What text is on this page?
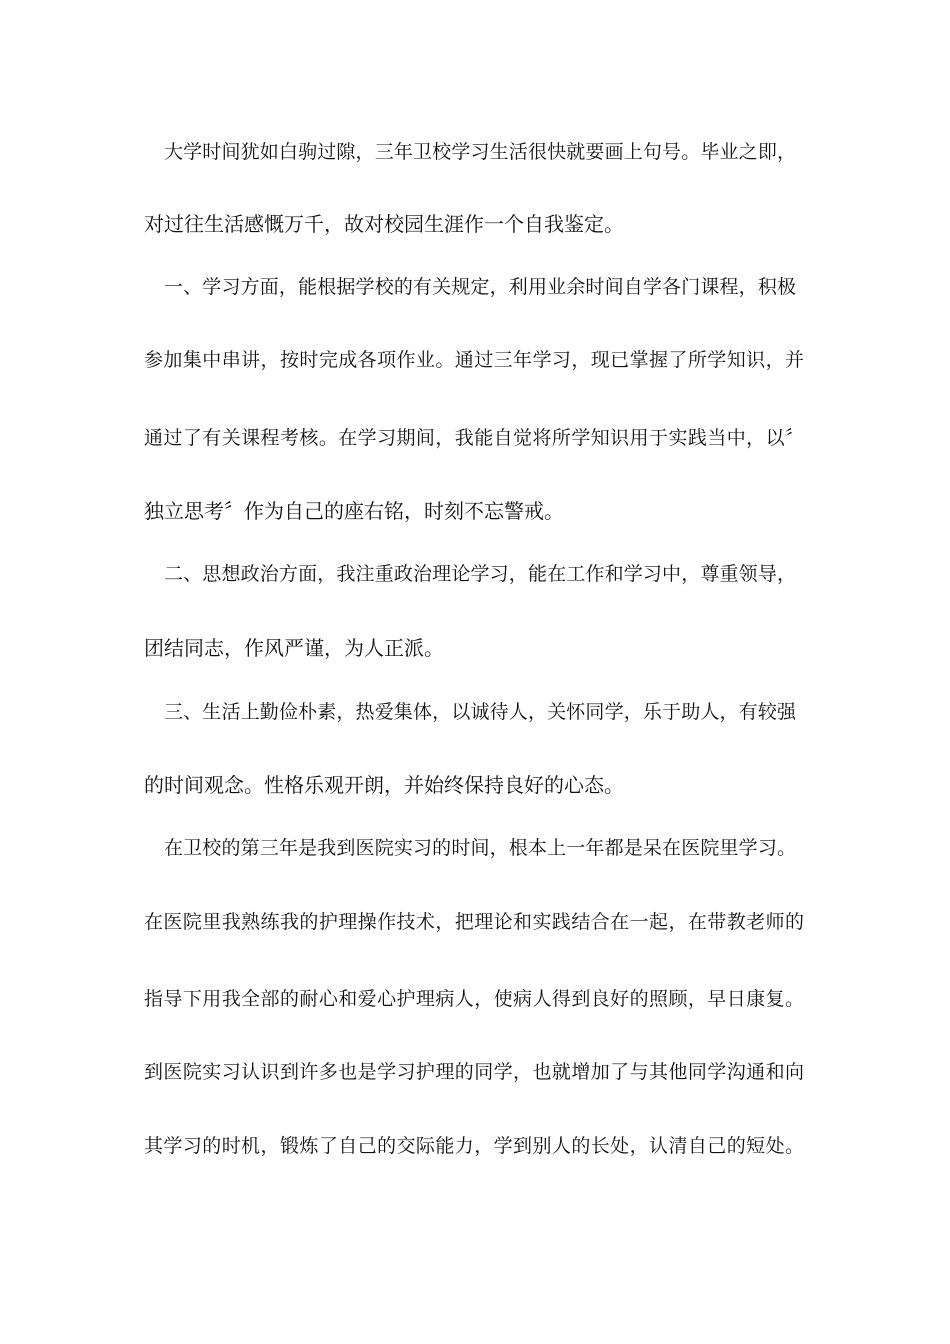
大学时间犹如白驹过隙，三年卫校学习生活很快就要画上句号。毕业之即，
对过往生活感慨万千，故对校园生涯作一个自我鉴定。
一、学习方面，能根据学校的有关规定，利用业余时间自学各门课程，积极
参加集中串讲，按时完成各项作业。通过三年学习，现已掌握了所学知识，并
通过了有关课程考核。在学习期间，我能自觉将所学知识用于实践当中，以〞
独立思考〞作为自己的座右铭，时刻不忘警戒。
二、思想政治方面，我注重政治理论学习，能在工作和学习中，尊重领导，
团结同志，作风严谨，为人正派。
三、生活上勤俭朴素，热爱集体，以诚待人，关怀同学，乐于助人，有较强
的时间观念。性格乐观开朗，并始终保持良好的心态。
在卫校的第三年是我到医院实习的时间，根本上一年都是呆在医院里学习。
在医院里我熟练我的护理操作技术，把理论和实践结合在一起，在带教老师的
指导下用我全部的耐心和爱心护理病人，使病人得到良好的照顾，早日康复。
到医院实习认识到许多也是学习护理的同学，也就增加了与其他同学沟通和向
其学习的时机，锻炼了自己的交际能力，学到别人的长处，认清自己的短处。
